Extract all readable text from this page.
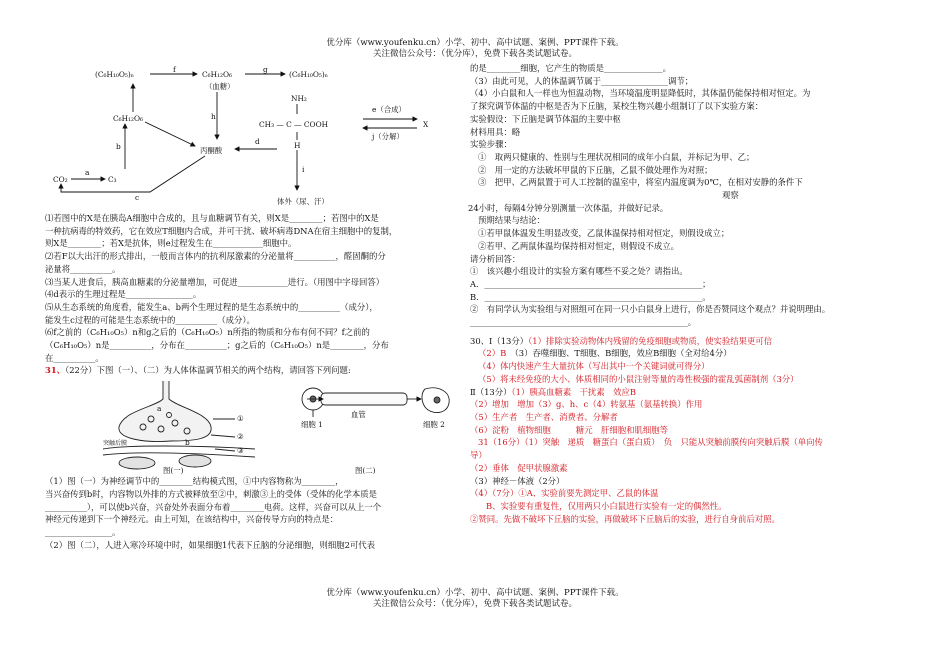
优分库（www.youfenku.cn）小学、初中、高中试题、案例、PPT课件下载。
关注微信公众号：（优分库），免费下载各类试题试卷。
(C₆H₁₀O₅)ₙ	C₆H₁₂O₆
（血糖）
(C₆H₁₀O₅)ₙ
C₆H₁₂O₆
CO₂	C₃
丙酮酸
NH₂
CH₃ — C — COOH
H
X
e（合成）
j（分解）
体外（尿、汗）
f	g
b
a
c
h
d
i
⑴若图中的X是在胰岛A细胞中合成的，且与血糖调节有关，则X是________；若图中的X是
一种抗病毒的特效药，它在效应T细胞内合成，并可干扰、破坏病毒DNA在宿主细胞中的复制，
则X是________；若X是抗体，则e过程发生在____________细胞中。
⑵若F以大出汗的形式排出，一般而言体内的抗利尿激素的分泌量将__________，醛固酮的分
泌量将__________。
⑶当某人进食后，胰高血糖素的分泌量增加，可促进____________进行。（用图中字母回答）
⑷d表示的生理过程是________________。
⑸从生态系统的角度看，能发生a、b两个生理过程的是生态系统中的__________（成分），
能发生c过程的可能是生态系统中的__________（成分）。
⑹f之前的（C₆H₁₀O₅）n和g之后的（C₆H₁₀O₅）n所指的物质和分布有何不同？f之前的
（C₆H₁₀O₅）n是__________，分布在__________；g之后的（C₆H₁₀O₅）n是________，分布
在__________。
31、（22分）下图（一）、（二）为人体体温调节相关的两个结构，请回答下列问题:
a
b
①
②
③
突触后膜
图(一)
细胞 1
血管
细胞 2
图(二)
（1）图（一）为神经调节中的________结构模式图，①中内容物称为________，
当兴奋传到b时，内容物以外排的方式被释放至②中，刺激③上的受体（受体的化学本质是
__________），可以使b兴奋，兴奋处外表面分布着________电荷。这样，兴奋可以从上一个
神经元传递到下一个神经元。由上可知，在该结构中，兴奋传导方向的特点是：
________________。
（2）图（二），人进入寒冷环境中时，如果细胞1代表下丘脑的分泌细胞，则细胞2可代表
的是________细胞，它产生的物质是______________。
（3）由此可见，人的体温调节属于________________调节；
（4）小白鼠和人一样也为恒温动物，当环境温度明显降低时，其体温仍能保持相对恒定。为
了探究调节体温的中枢是否为下丘脑，某校生物兴趣小组制订了以下实验方案：
实验假设：下丘脑是调节体温的主要中枢
材料用具：略
实验步骤：
①　取两只健康的、性别与生理状况相同的成年小白鼠，并标记为甲、乙；
②　用一定的方法破坏甲鼠的下丘脑，乙鼠不做处理作为对照；
③　把甲、乙两鼠置于可人工控制的温室中，将室内温度调为0℃，在相对安静的条件下
观察
24小时，每隔4分钟分别测量一次体温，并做好记录。
预期结果与结论：
①若甲鼠体温发生明显改变，乙鼠体温保持相对恒定，则假设成立；
②若甲、乙两鼠体温均保持相对恒定，则假设不成立。
请分析回答：
①　该兴趣小组设计的实验方案有哪些不妥之处？请指出。
A．____________________________________________________；
B．____________________________________________________。
②　有同学认为实验组与对照组可在同一只小白鼠身上进行，你是否赞同这个观点？并说明理由。
____________________________________________________。
30、Ⅰ（13分）（1）排除实验动物体内残留的免疫细胞或物质，使实验结果更可信
（2）B　 （3）吞噬细胞、T细胞、B细胞，效应B细胞（全对给4分）
（4）体内快速产生大量抗体（写出其中一个关键词就可得分）
（5）将未经免疫的大小、体质相同的小鼠注射等量的毒性极强的霍乱弧菌制剂（3分）
Ⅱ（13分）（1）胰高血糖素　干扰素　效应B
（2）增加　增加（3）g、h、c（4）转氨基（氨基转换）作用
（5）生产者　生产者、消费者、分解者
（6）淀粉　植物细胞　　　糖元　肝细胞和肌细胞等
31（16分）（1）突触　递质　糖蛋白（蛋白质）　负　只能从突触前膜传向突触后膜（单向传
导）
（2）垂体　促甲状腺激素
（3）神经－体液（2分）
（4）（7分）①A、实验前要先测定甲、乙鼠的体温
B、实验要有重复性，仅用两只小白鼠进行实验有一定的偶然性。
②赞同。先做不破坏下丘脑的实验，再做破坏下丘脑后的实验，进行自身前后对照。
优分库（www.youfenku.cn）小学、初中、高中试题、案例、PPT课件下载。
关注微信公众号：（优分库），免费下载各类试题试卷。
